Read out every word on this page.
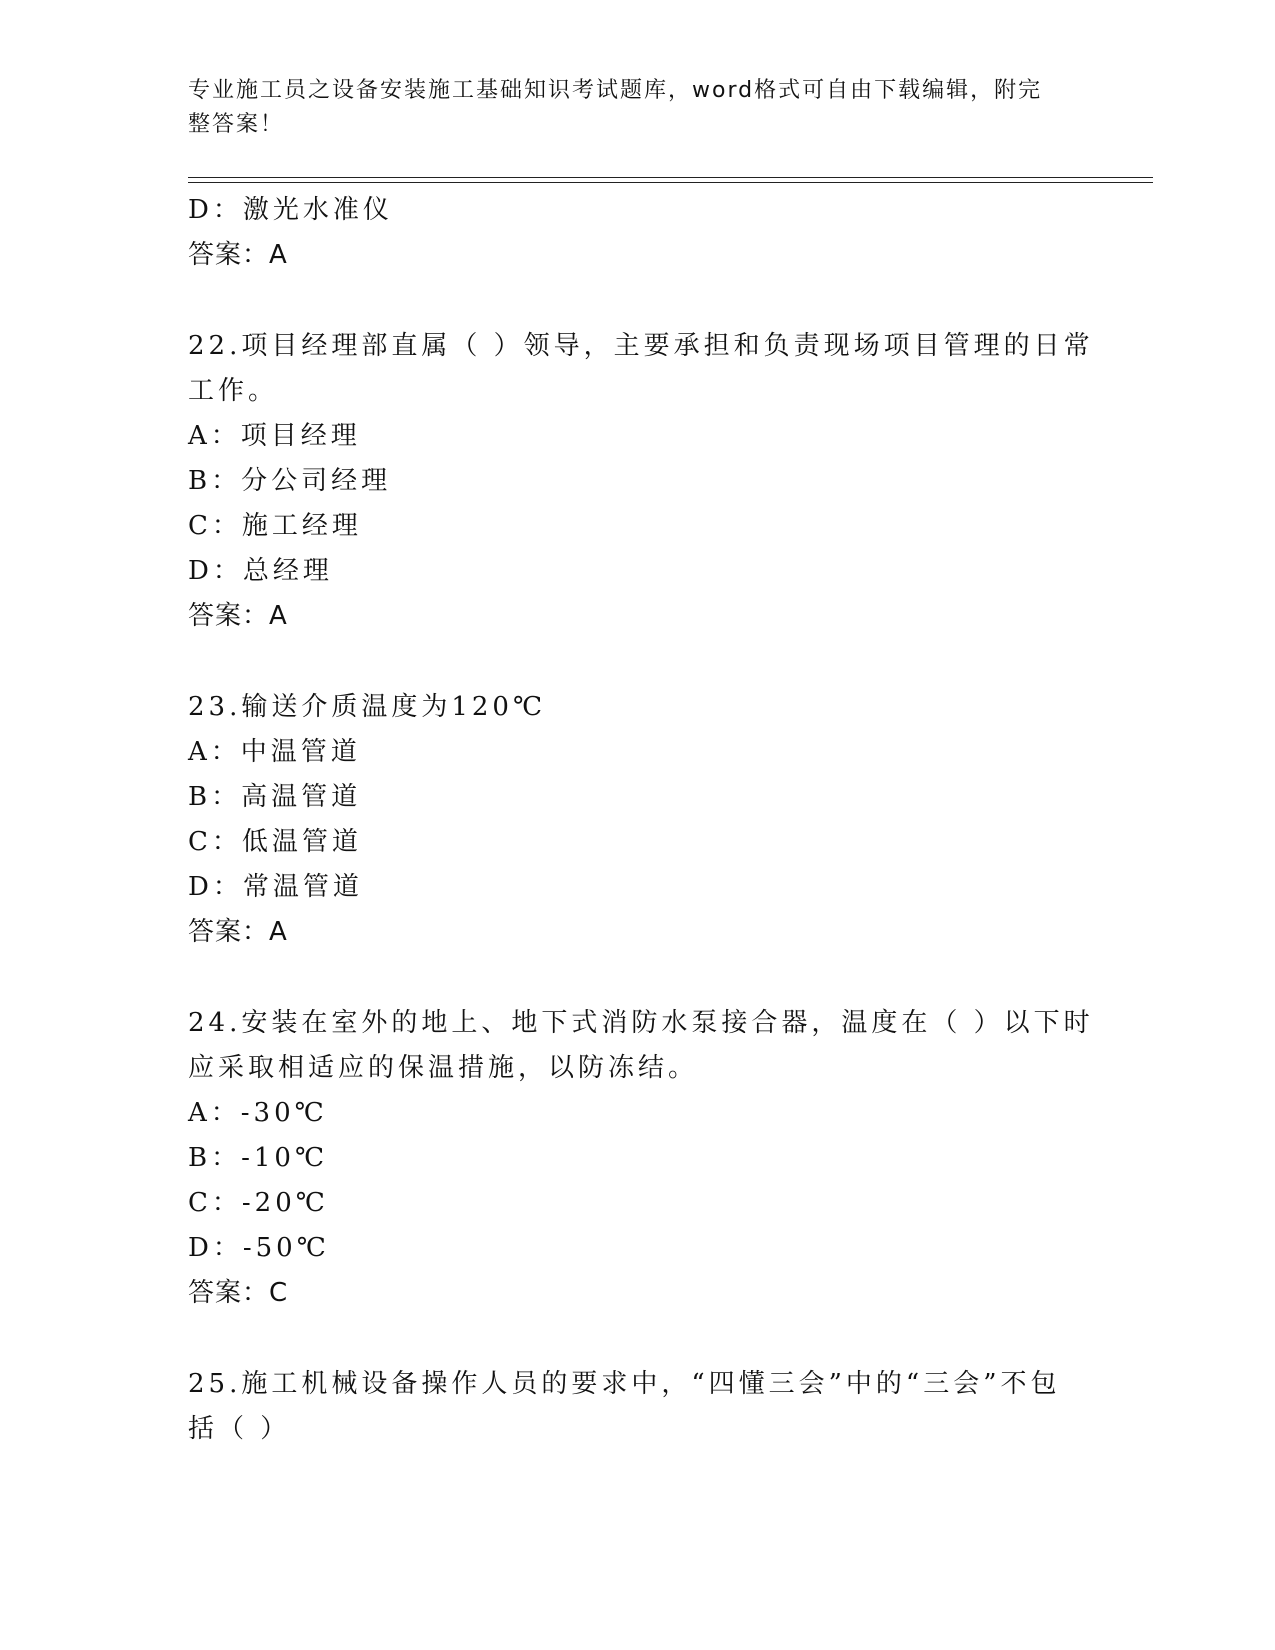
专业施工员之设备安装施工基础知识考试题库，word格式可自由下载编辑，附完
整答案！
D：激光水准仪
答案：A
22.项目经理部直属（ ）领导，主要承担和负责现场项目管理的日常
工作。
A：项目经理
B：分公司经理
C：施工经理
D：总经理
答案：A
23.输送介质温度为120℃
A：中温管道
B：高温管道
C：低温管道
D：常温管道
答案：A
24.安装在室外的地上、地下式消防水泵接合器，温度在（ ）以下时
应采取相适应的保温措施，以防冻结。
A：-30℃
B：-10℃
C：-20℃
D：-50℃
答案：C
25.施工机械设备操作人员的要求中，“四懂三会”中的“三会”不包
括（ ）
